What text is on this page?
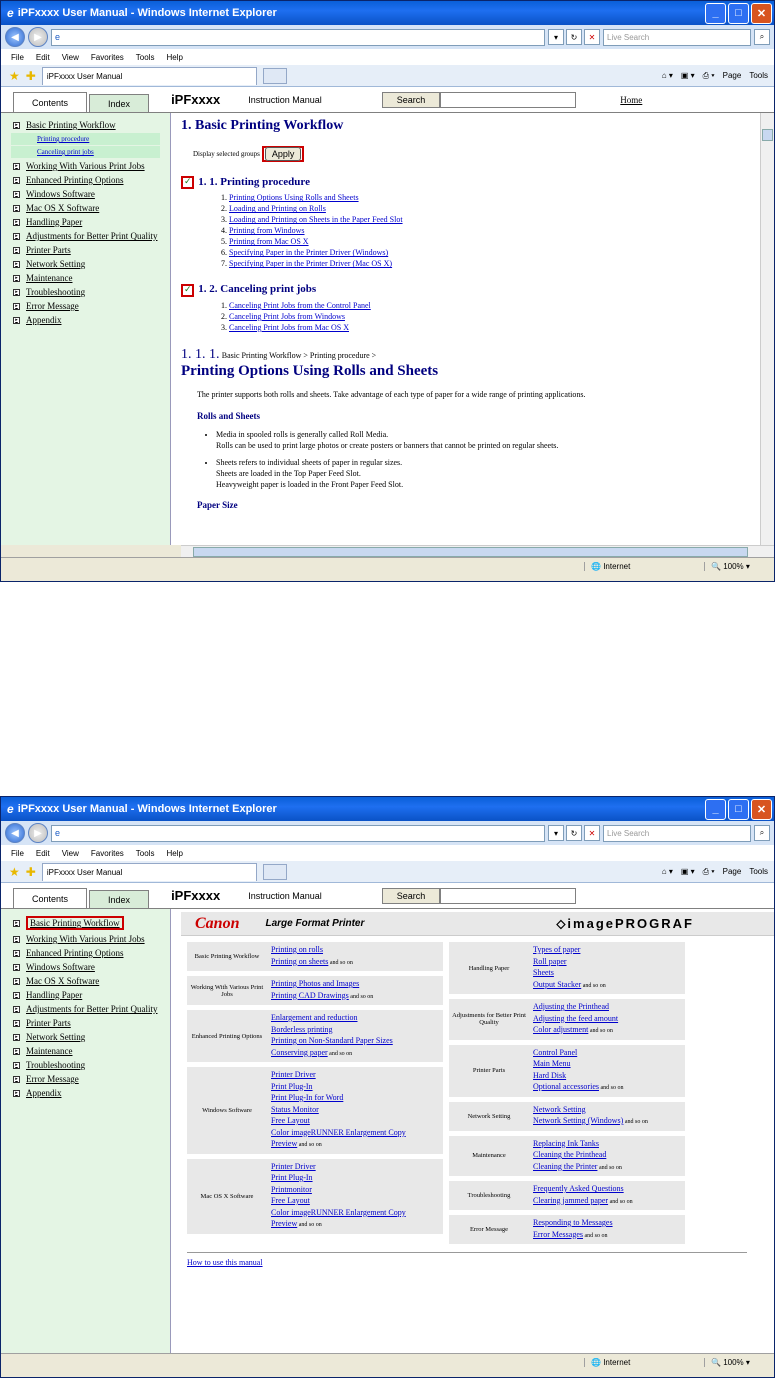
e iPFxxxx User Manual - Windows Internet Explorer	_	□	✕
◀	▶	e	▾	↻	✕	Live Search	⌕
File Edit View Favorites Tools Help
★ ✚ iPFxxxx User Manual	⌂ ▾ ▣ ▾ ⎙ ▾ Page Tools
Contents	Index	iPFxxxx	Instruction Manual	Search	Home
▸ Basic Printing Workflow
Printing procedure
Canceling print jobs
▸ Working With Various Print Jobs
▸ Enhanced Printing Options
▸ Windows Software
▸ Mac OS X Software
▸ Handling Paper
▸ Adjustments for Better Print Quality
▸ Printer Parts
▸ Network Setting
▸ Maintenance
▸ Troubleshooting
▸ Error Message
▸ Appendix
1. Basic Printing Workflow
Display selected groups	Apply
✓ 1. 1. Printing procedure
1. Printing Options Using Rolls and Sheets
2. Loading and Printing on Rolls
3. Loading and Printing on Sheets in the Paper Feed Slot
4. Printing from Windows
5. Printing from Mac OS X
6. Specifying Paper in the Printer Driver (Windows)
7. Specifying Paper in the Printer Driver (Mac OS X)
✓ 1. 2. Canceling print jobs
1. Canceling Print Jobs from the Control Panel
2. Canceling Print Jobs from Windows
3. Canceling Print Jobs from Mac OS X
1. 1. 1. Basic Printing Workflow > Printing procedure >
Printing Options Using Rolls and Sheets

The printer supports both rolls and sheets. Take advantage of each type of paper for a wide range of printing applications.

Rolls and Sheets
• Media in spooled rolls is generally called Roll Media.
Rolls can be used to print large photos or create posters or banners that cannot be printed on regular sheets.
• Sheets refers to individual sheets of paper in regular sizes.
Sheets are loaded in the Top Paper Feed Slot.
Heavyweight paper is loaded in the Front Paper Feed Slot.
Paper Size
🌐 Internet	🔍 100% ▾
e iPFxxxx User Manual - Windows Internet Explorer	_	□	✕
◀	▶	e	▾	↻	✕	Live Search	⌕
File Edit View Favorites Tools Help
★ ✚ iPFxxxx User Manual	⌂ ▾ ▣ ▾ ⎙ ▾ Page Tools
Contents	Index	iPFxxxx	Instruction Manual	Search
▸	Basic Printing Workflow
▸ Working With Various Print Jobs
▸ Enhanced Printing Options
▸ Windows Software
▸ Mac OS X Software
▸ Handling Paper
▸ Adjustments for Better Print Quality
▸ Printer Parts
▸ Network Setting
▸ Maintenance
▸ Troubleshooting
▸ Error Message
▸ Appendix
Canon	Large Format Printer	⬦imagePROGRAF
Basic Printing Workflow
Printing on rolls
Printing on sheets and so on

Working With Various Print Jobs
Printing Photos and Images
Printing CAD Drawings and so on

Enhanced Printing Options
Enlargement and reduction
Borderless printing
Printing on Non-Standard Paper Sizes
Conserving paper and so on

Windows Software
Printer Driver
Print Plug-In
Print Plug-In for Word
Status Monitor
Free Layout
Color imageRUNNER Enlargement Copy
Preview and so on

Mac OS X Software
Printer Driver
Print Plug-In
Printmonitor
Free Layout
Color imageRUNNER Enlargement Copy
Preview and so on

Handling Paper
Types of paper
Roll paper
Sheets
Output Stacker and so on

Adjustments for Better Print Quality
Adjusting the Printhead
Adjusting the feed amount
Color adjustment and so on

Printer Parts
Control Panel
Main Menu
Hard Disk
Optional accessories and so on

Network Setting
Network Setting
Network Setting (Windows) and so on

Maintenance
Replacing Ink Tanks
Cleaning the Printhead
Cleaning the Printer and so on

Troubleshooting
Frequently Asked Questions
Clearing jammed paper and so on

Error Message
Responding to Messages
Error Messages and so on

How to use this manual
🌐 Internet	🔍 100% ▾
